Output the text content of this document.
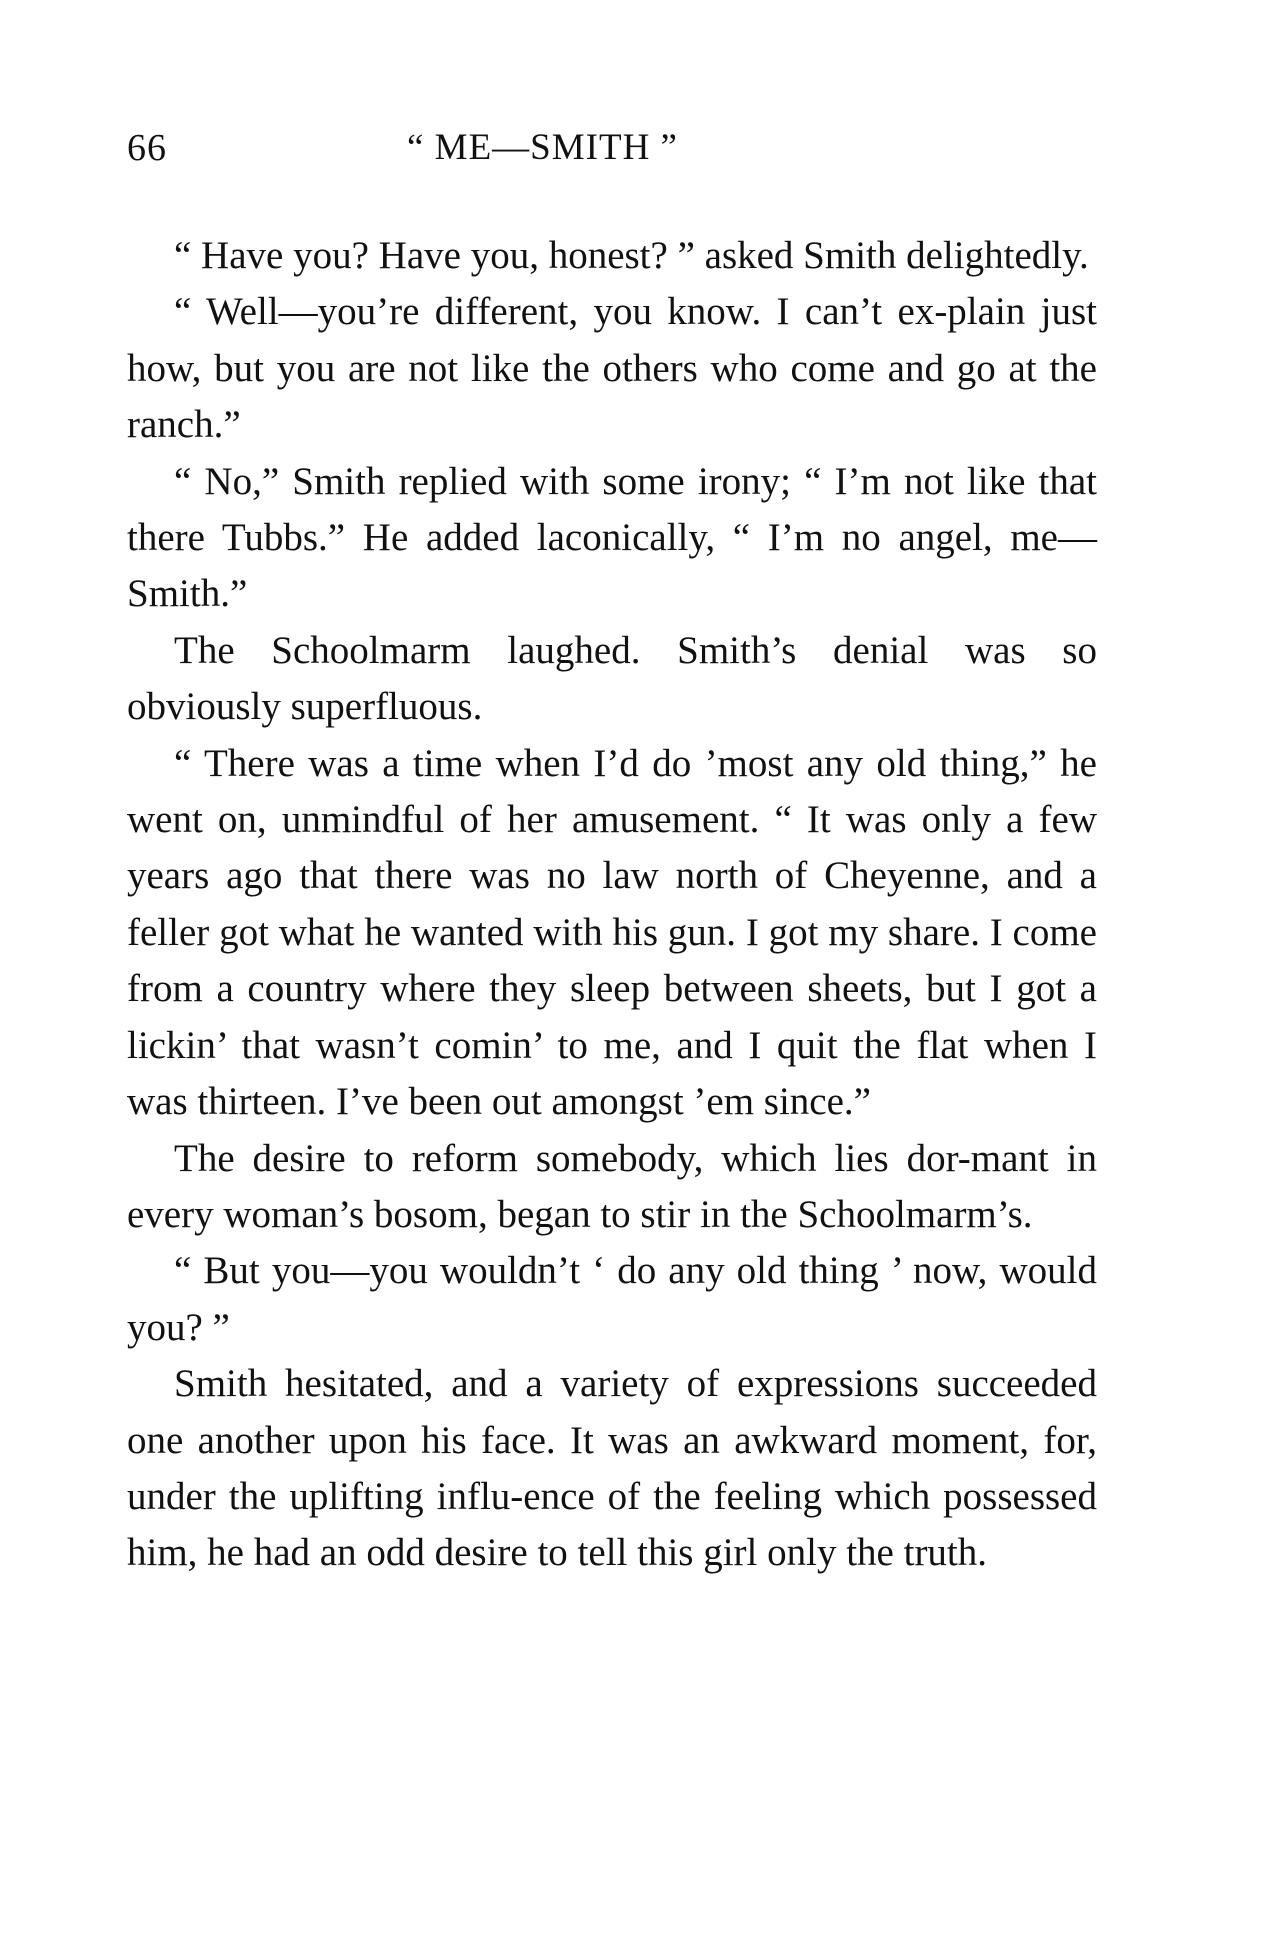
66	“ ME—SMITH ”

“ Have you? Have you, honest? ” asked Smith delightedly.

“ Well—you’re different, you know. I can’t ex-plain just how, but you are not like the others who come and go at the ranch.”

“ No,” Smith replied with some irony; “ I’m not like that there Tubbs.” He added laconically, “ I’m no angel, me—Smith.”

The Schoolmarm laughed. Smith’s denial was so obviously superfluous.

“ There was a time when I’d do ’most any old thing,” he went on, unmindful of her amusement. “ It was only a few years ago that there was no law north of Cheyenne, and a feller got what he wanted with his gun. I got my share. I come from a country where they sleep between sheets, but I got a lickin’ that wasn’t comin’ to me, and I quit the flat when I was thirteen. I’ve been out amongst ’em since.”

The desire to reform somebody, which lies dor-mant in every woman’s bosom, began to stir in the Schoolmarm’s.

“ But you—you wouldn’t ‘ do any old thing ’ now, would you? ”

Smith hesitated, and a variety of expressions succeeded one another upon his face. It was an awkward moment, for, under the uplifting influ-ence of the feeling which possessed him, he had an odd desire to tell this girl only the truth.
